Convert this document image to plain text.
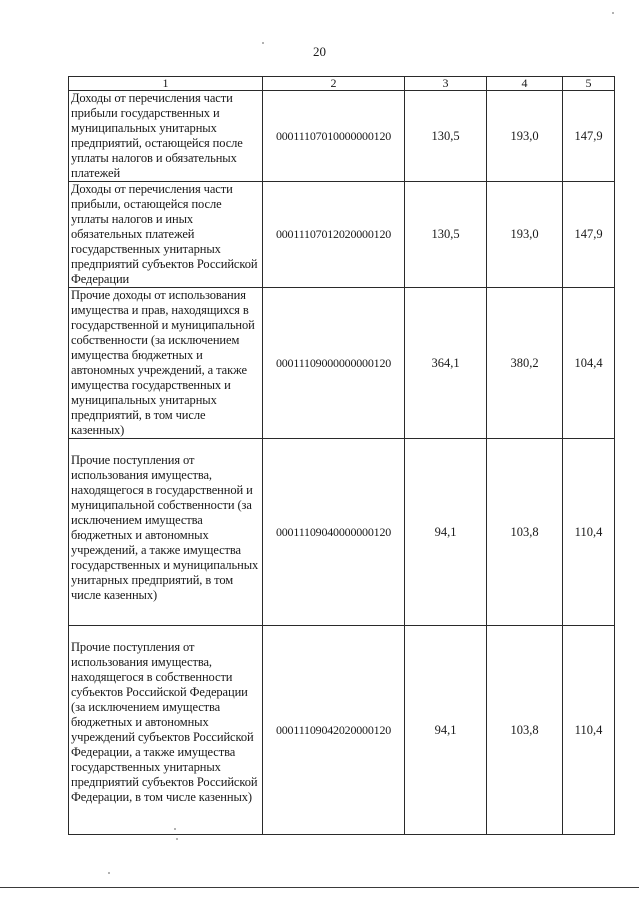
20
1	2	3	4	5
Доходы от перечисления части прибыли государственных и муниципальных унитарных предприятий, остающейся после уплаты налогов и обязательных платежей	00011107010000000120	130,5	193,0	147,9
Доходы от перечисления части прибыли, остающейся после уплаты налогов и иных обязательных платежей государственных унитарных предприятий субъектов Российской Федерации	00011107012020000120	130,5	193,0	147,9
Прочие доходы от использования имущества и прав, находящихся в государственной и муниципальной собственности (за исключением имущества бюджетных и автономных учреждений, а также имущества государственных и муниципальных унитарных предприятий, в том числе казенных)	00011109000000000120	364,1	380,2	104,4
Прочие поступления от использования имущества, находящегося в государственной и муниципальной собственности (за исключением имущества бюджетных и автономных учреждений, а также имущества государственных и муниципальных унитарных предприятий, в том числе казенных)	00011109040000000120	94,1	103,8	110,4
Прочие поступления от использования имущества, находящегося в собственности субъектов Российской Федерации (за исключением имущества бюджетных и автономных учреждений субъектов Российской Федерации, а также имущества государственных унитарных предприятий субъектов Российской Федерации, в том числе казенных)	00011109042020000120	94,1	103,8	110,4
